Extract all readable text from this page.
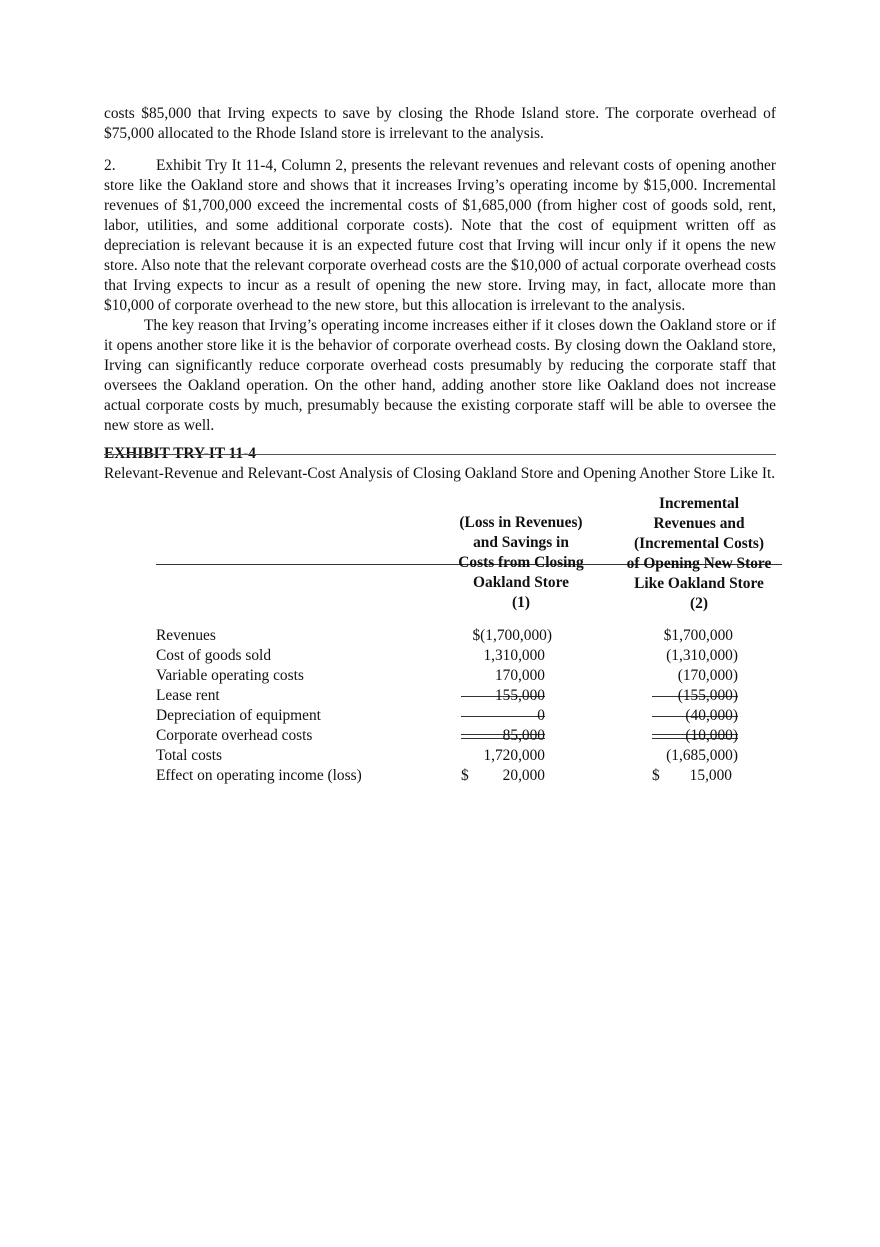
costs $85,000 that Irving expects to save by closing the Rhode Island store. The corporate overhead of $75,000 allocated to the Rhode Island store is irrelevant to the analysis.

2.	Exhibit Try It 11-4, Column 2, presents the relevant revenues and relevant costs of opening another store like the Oakland store and shows that it increases Irving’s operating income by $15,000. Incremental revenues of $1,700,000 exceed the incremental costs of $1,685,000 (from higher cost of goods sold, rent, labor, utilities, and some additional corporate costs). Note that the cost of equipment written off as depreciation is relevant because it is an expected future cost that Irving will incur only if it opens the new store. Also note that the relevant corporate overhead costs are the $10,000 of actual corporate overhead costs that Irving expects to incur as a result of opening the new store. Irving may, in fact, allocate more than $10,000 of corporate overhead to the new store, but this allocation is irrelevant to the analysis.

The key reason that Irving’s operating income increases either if it closes down the Oakland store or if it opens another store like it is the behavior of corporate overhead costs. By closing down the Oakland store, Irving can significantly reduce corporate overhead costs presumably by reducing the corporate staff that oversees the Oakland operation. On the other hand, adding another store like Oakland does not increase actual corporate costs by much, presumably because the existing corporate staff will be able to oversee the new store as well.

EXHIBIT TRY-IT 11-4

Relevant-Revenue and Relevant-Cost Analysis of Closing Oakland Store and Opening Another Store Like It.

(Loss in Revenues)
and Savings in
Costs from Closing
Oakland Store
(1)
Incremental
Revenues and
(Incremental Costs)
of Opening New Store
Like Oakland Store
(2)
Revenues	$(1,700,000)	$1,700,000
Cost of goods sold	1,310,000	(1,310,000)
Variable operating costs	170,000	(170,000)
Lease rent	155,000	(155,000)
Depreciation of equipment	0	(40,000)
Corporate overhead costs	85,000	(10,000)
Total costs	1,720,000	(1,685,000)
Effect on operating income (loss)	$	20,000	$	15,000
